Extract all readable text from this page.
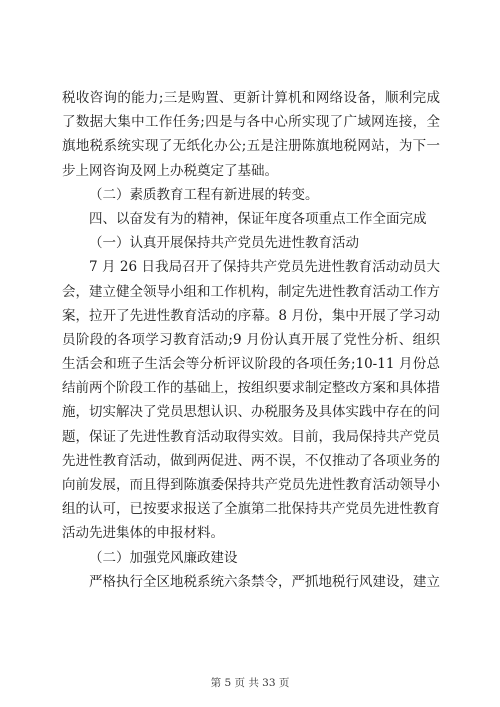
税收咨询的能力;三是购置、更新计算机和网络设备，顺利完成
了数据大集中工作任务;四是与各中心所实现了广域网连接，全
旗地税系统实现了无纸化办公;五是注册陈旗地税网站，为下一
步上网咨询及网上办税奠定了基础。
（二）素质教育工程有新进展的转变。
四、以奋发有为的精神，保证年度各项重点工作全面完成
（一）认真开展保持共产党员先进性教育活动
7 月 26 日我局召开了保持共产党员先进性教育活动动员大
会，建立健全领导小组和工作机构，制定先进性教育活动工作方
案，拉开了先进性教育活动的序幕。8 月份，集中开展了学习动
员阶段的各项学习教育活动;9 月份认真开展了党性分析、组织
生活会和班子生活会等分析评议阶段的各项任务;10-11 月份总
结前两个阶段工作的基础上，按组织要求制定整改方案和具体措
施，切实解决了党员思想认识、办税服务及具体实践中存在的问
题，保证了先进性教育活动取得实效。目前，我局保持共产党员
先进性教育活动，做到两促进、两不误，不仅推动了各项业务的
向前发展，而且得到陈旗委保持共产党员先进性教育活动领导小
组的认可，已按要求报送了全旗第二批保持共产党员先进性教育
活动先进集体的申报材料。
（二）加强党风廉政建设
严格执行全区地税系统六条禁令，严抓地税行风建设，建立
第 5 页 共 33 页
